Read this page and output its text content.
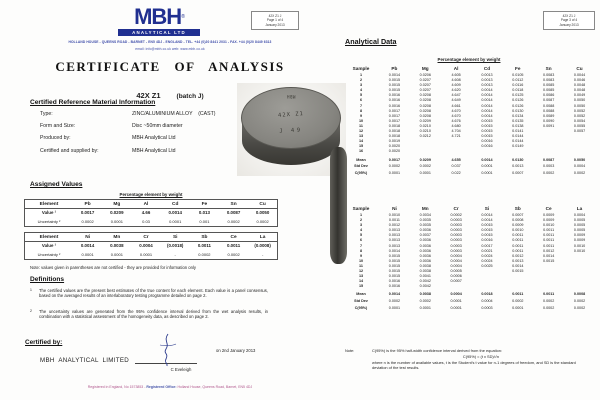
MBH®
ANALYTICAL LTD
42X Z1 J
Page 1 of 4
January 2013
HOLLAND HOUSE - QUEENS ROAD - BARNET - EN5 4DJ - ENGLAND - TEL. +44 (0)20 8441 2031 - FAX. +44 (0)20 8449 6313
email: info@mbh.co.uk web: www.mbh.co.uk
CERTIFICATE OF ANALYSIS
42X Z1 (batch J)
Certified Reference Material Information
Type:	ZINC/ALUMINIUM ALLOY    (CAST)
Form and Size:	Disc ~50mm diameter
Produced by:	MBH Analytical Ltd
Certified and supplied by:	MBH Analytical Ltd
MBH
42X Z1
J 49
Assigned Values
Percentage element by weight
Element	Pb	Mg	Al	Cd	Fe	Sn	Cu
Value ¹	0.0017	0.0209	4.66	0.0014	0.013	0.0087	0.0050
Uncertainty ²	0.0002	0.0001	0.03	0.0001	0.001	0.0002	0.0002
Element	Ni	Mn	Cr	Si	Sb	Ce	La
Value ¹	0.0014	0.0038	0.0004	(0.0018)	0.0011	0.0011	(0.0008)
Uncertainty ²	0.0001	0.0001	0.0001	-	0.0002	0.0002	-
Note: values given in parentheses are not certified - they are provided for information only
Definitions
1	The certified values are the present best estimates of the true content for each element. Each value is a panel consensus, based on the averaged results of an interlaboratory testing programme detailed on page 2.
2	The uncertainty values are generated from the 95% confidence interval derived from the wet analysis results, in combination with a statistical assessment of the homogeneity data, as described on page 2.
Certified by:
MBH  ANALYTICAL  LIMITED
C Eveleigh
on 2nd January 2013
Registered in England, No 1573853 - Registered Office: Holland House, Queens Road, Barnet, EN5 4DJ
42X Z1 J
Page 3 of 4
January 2013
Analytical Data
Percentage element by weight
Sample	Pb	Mg	Al	Cd	Fe	Sn	Cu
1	0.0014	0.0206	4.605	0.0013	0.0105	0.0083	0.0044
2	0.0015	0.0207	4.608	0.0013	0.0112	0.0083	0.0046
3	0.0015	0.0207	4.609	0.0013	0.0116	0.0085	0.0048
4	0.0015	0.0207	4.620	0.0014	0.0118	0.0085	0.0048
5	0.0016	0.0208	4.647	0.0014	0.0125	0.0086	0.0049
6	0.0016	0.0208	4.649	0.0014	0.0126	0.0087	0.0050
7	0.0016	0.0208	4.661	0.0014	0.0126	0.0088	0.0050
8	0.0017	0.0208	4.670	0.0014	0.0130	0.0088	0.0052
9	0.0017	0.0208	4.670	0.0014	0.0134	0.0089	0.0052
10	0.0017	0.0209	4.676	0.0015	0.0135	0.0090	0.0054
11	0.0018	0.0210	4.680	0.0015	0.0138	0.0091	0.0055
12	0.0018	0.0210	4.704	0.0015	0.0141		0.0057
13	0.0018	0.0212	4.721	0.0015	0.0144		
14	0.0019			0.0016	0.0144		
15	0.0020			0.0016	0.0149		
16	0.0020						
Mean	0.0017	0.0209	4.655	0.0014	0.0130	0.0087	0.0050
Std Dev	0.0002	0.0002	0.037	0.0001	0.0013	0.0003	0.0004
C(95%)	0.0001	0.0001	0.022	0.0001	0.0007	0.0002	0.0002
Sample	Ni	Mn	Cr	Si	Sb	Ce	La
1	0.0010	0.0034	0.0002	0.0014	0.0007	0.0009	0.0004
2	0.0011	0.0035	0.0003	0.0014	0.0008	0.0009	0.0005
3	0.0012	0.0035	0.0003	0.0015	0.0009	0.0010	0.0005
4	0.0013	0.0036	0.0003	0.0015	0.0010	0.0011	0.0005
5	0.0013	0.0037	0.0003	0.0015	0.0011	0.0011	0.0009
6	0.0013	0.0036	0.0003	0.0016	0.0011	0.0011	0.0009
7	0.0013	0.0036	0.0003	0.0017	0.0011	0.0011	0.0010
8	0.0014	0.0036	0.0003	0.0021	0.0011	0.0012	0.0010
9	0.0015	0.0036	0.0004	0.0024	0.0012	0.0014	
10	0.0015	0.0036	0.0004	0.0024	0.0013	0.0015	
11	0.0015	0.0038	0.0004	0.0025	0.0014		
12	0.0015	0.0038	0.0005		0.0015		
13	0.0015	0.0041	0.0006				
14	0.0016	0.0042	0.0007				
15	0.0016	0.0042					
Mean	0.0014	0.0038	0.0004	0.0018	0.0011	0.0011	0.0008
Std Dev	0.0002	0.0002	0.0001	0.0004	0.0002	0.0002	0.0002
C(95%)	0.0001	0.0001	0.0001	0.0003	0.0001	0.0002	0.0002
Note:	C(95%) is the 95% half-width confidence interval derived from the equation:
C(95%) = (t x SD)/√n
where n is the number of available values, t is the Student's t value for n-1 degrees of freedom, and SD is the standard deviation of the test results.
